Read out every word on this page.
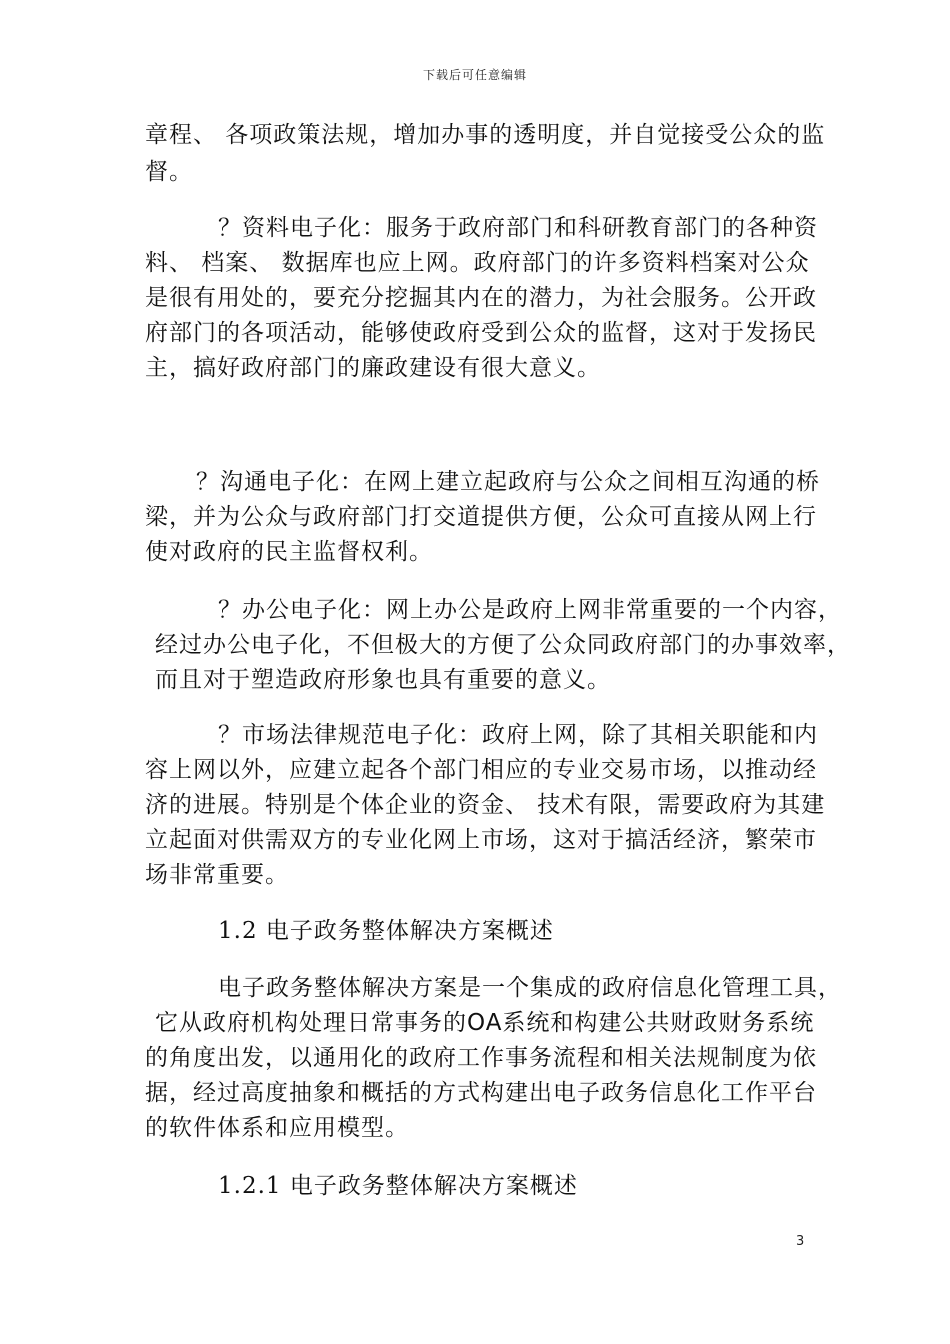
下载后可任意编辑
章程、 各项政策法规，增加办事的透明度，并自觉接受公众的监
督。
？资料电子化：服务于政府部门和科研教育部门的各种资
料、 档案、 数据库也应上网。政府部门的许多资料档案对公众
是很有用处的，要充分挖掘其内在的潜力，为社会服务。公开政
府部门的各项活动，能够使政府受到公众的监督，这对于发扬民
主，搞好政府部门的廉政建设有很大意义。
？沟通电子化：在网上建立起政府与公众之间相互沟通的桥
梁，并为公众与政府部门打交道提供方便，公众可直接从网上行
使对政府的民主监督权利。
？办公电子化：网上办公是政府上网非常重要的一个内容，
经过办公电子化，不但极大的方便了公众同政府部门的办事效率，
而且对于塑造政府形象也具有重要的意义。
？市场法律规范电子化：政府上网，除了其相关职能和内
容上网以外，应建立起各个部门相应的专业交易市场，以推动经
济的进展。特别是个体企业的资金、 技术有限，需要政府为其建
立起面对供需双方的专业化网上市场，这对于搞活经济，繁荣市
场非常重要。
1.2 电子政务整体解决方案概述
电子政务整体解决方案是一个集成的政府信息化管理工具，
它从政府机构处理日常事务的OA系统和构建公共财政财务系统
的角度出发，以通用化的政府工作事务流程和相关法规制度为依
据，经过高度抽象和概括的方式构建出电子政务信息化工作平台
的软件体系和应用模型。
1.2.1 电子政务整体解决方案概述
3
